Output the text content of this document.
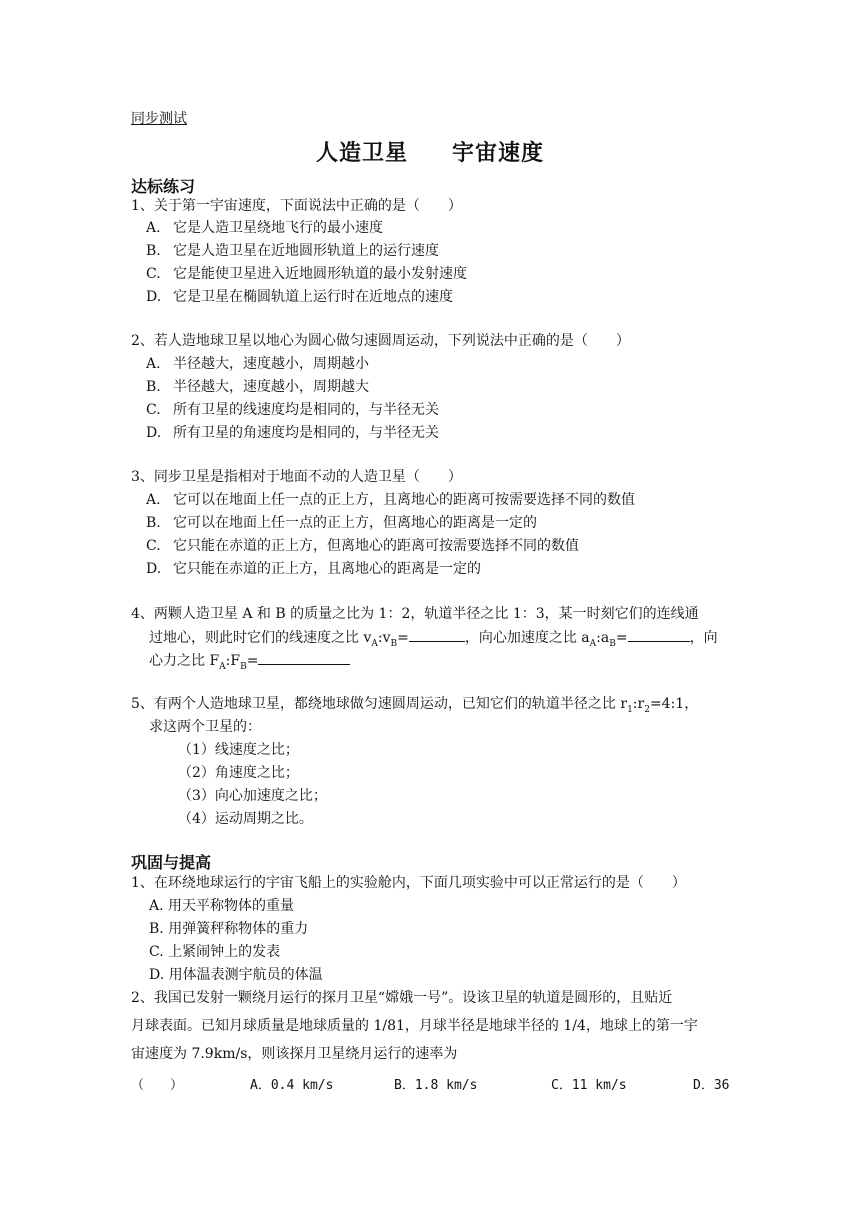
同步测试
人造卫星 宇宙速度
达标练习
1、关于第一宇宙速度，下面说法中正确的是（　　）
A. 它是人造卫星绕地飞行的最小速度
B. 它是人造卫星在近地圆形轨道上的运行速度
C. 它是能使卫星进入近地圆形轨道的最小发射速度
D. 它是卫星在椭圆轨道上运行时在近地点的速度
2、若人造地球卫星以地心为圆心做匀速圆周运动，下列说法中正确的是（　　）
A. 半径越大，速度越小，周期越小
B. 半径越大，速度越小，周期越大
C. 所有卫星的线速度均是相同的，与半径无关
D. 所有卫星的角速度均是相同的，与半径无关
3、同步卫星是指相对于地面不动的人造卫星（　　）
A. 它可以在地面上任一点的正上方，且离地心的距离可按需要选择不同的数值
B. 它可以在地面上任一点的正上方，但离地心的距离是一定的
C. 它只能在赤道的正上方，但离地心的距离可按需要选择不同的数值
D. 它只能在赤道的正上方，且离地心的距离是一定的
4、两颗人造卫星 A 和 B 的质量之比为 1：2，轨道半径之比 1：3，某一时刻它们的连线通
过地心，则此时它们的线速度之比 $v_A:v_B=$	，向心加速度之比 $a_A:a_B=$	，向
心力之比 $F_A:F_B=$
5、有两个人造地球卫星，都绕地球做匀速圆周运动，已知它们的轨道半径之比 $r_1:r_2=4:1$，
求这两个卫星的：
（1）线速度之比；
（2）角速度之比；
（3）向心加速度之比；
（4）运动周期之比。
巩固与提高
1、在环绕地球运行的宇宙飞船上的实验舱内，下面几项实验中可以正常运行的是（　　）
A. 用天平称物体的重量
B. 用弹簧秤称物体的重力
C. 上紧闹钟上的发表
D. 用体温表测宇航员的体温
2、我国已发射一颗绕月运行的探月卫星“嫦娥一号”。设该卫星的轨道是圆形的，且贴近
月球表面。已知月球质量是地球质量的 1/81，月球半径是地球半径的 1/4，地球上的第一宇
宙速度为 7.9km/s，则该探月卫星绕月运行的速率为
（　　）	A．0.4 km/s	B．1.8 km/s	C．11 km/s	D．36
